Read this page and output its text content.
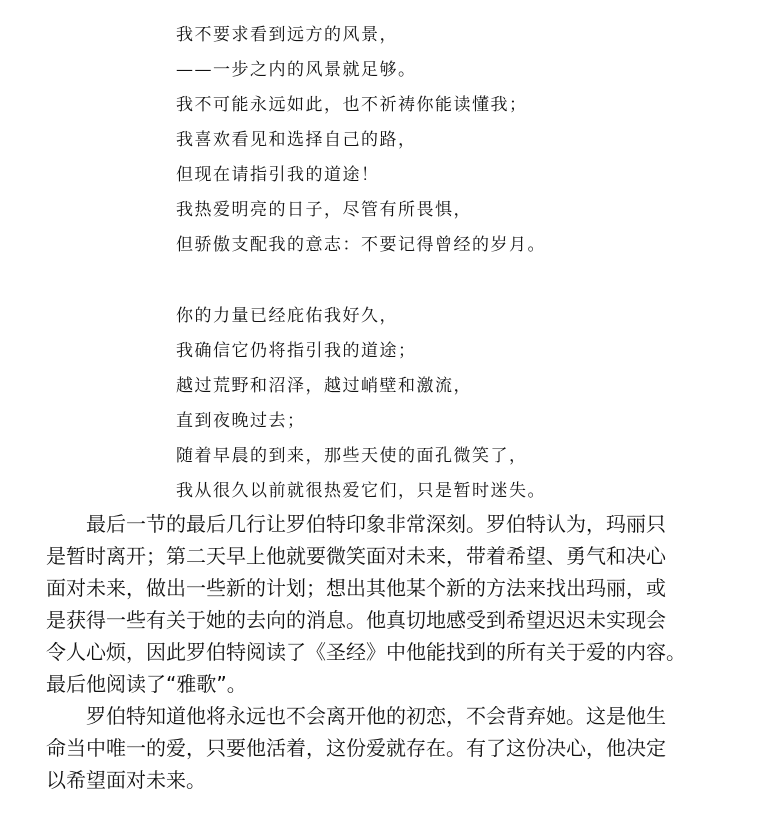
我不要求看到远方的风景，
——一步之内的风景就足够。
我不可能永远如此，也不祈祷你能读懂我；
我喜欢看见和选择自己的路，
但现在请指引我的道途！
我热爱明亮的日子，尽管有所畏惧，
但骄傲支配我的意志：不要记得曾经的岁月。
你的力量已经庇佑我好久，
我确信它仍将指引我的道途；
越过荒野和沼泽，越过峭壁和激流，
直到夜晚过去；
随着早晨的到来，那些天使的面孔微笑了，
我从很久以前就很热爱它们，只是暂时迷失。
最后一节的最后几行让罗伯特印象非常深刻。罗伯特认为，玛丽只
是暂时离开；第二天早上他就要微笑面对未来，带着希望、勇气和决心
面对未来，做出一些新的计划；想出其他某个新的方法来找出玛丽，或
是获得一些有关于她的去向的消息。他真切地感受到希望迟迟未实现会
令人心烦，因此罗伯特阅读了《圣经》中他能找到的所有关于爱的内容。
最后他阅读了“雅歌”。
罗伯特知道他将永远也不会离开他的初恋，不会背弃她。这是他生
命当中唯一的爱，只要他活着，这份爱就存在。有了这份决心，他决定
以希望面对未来。
